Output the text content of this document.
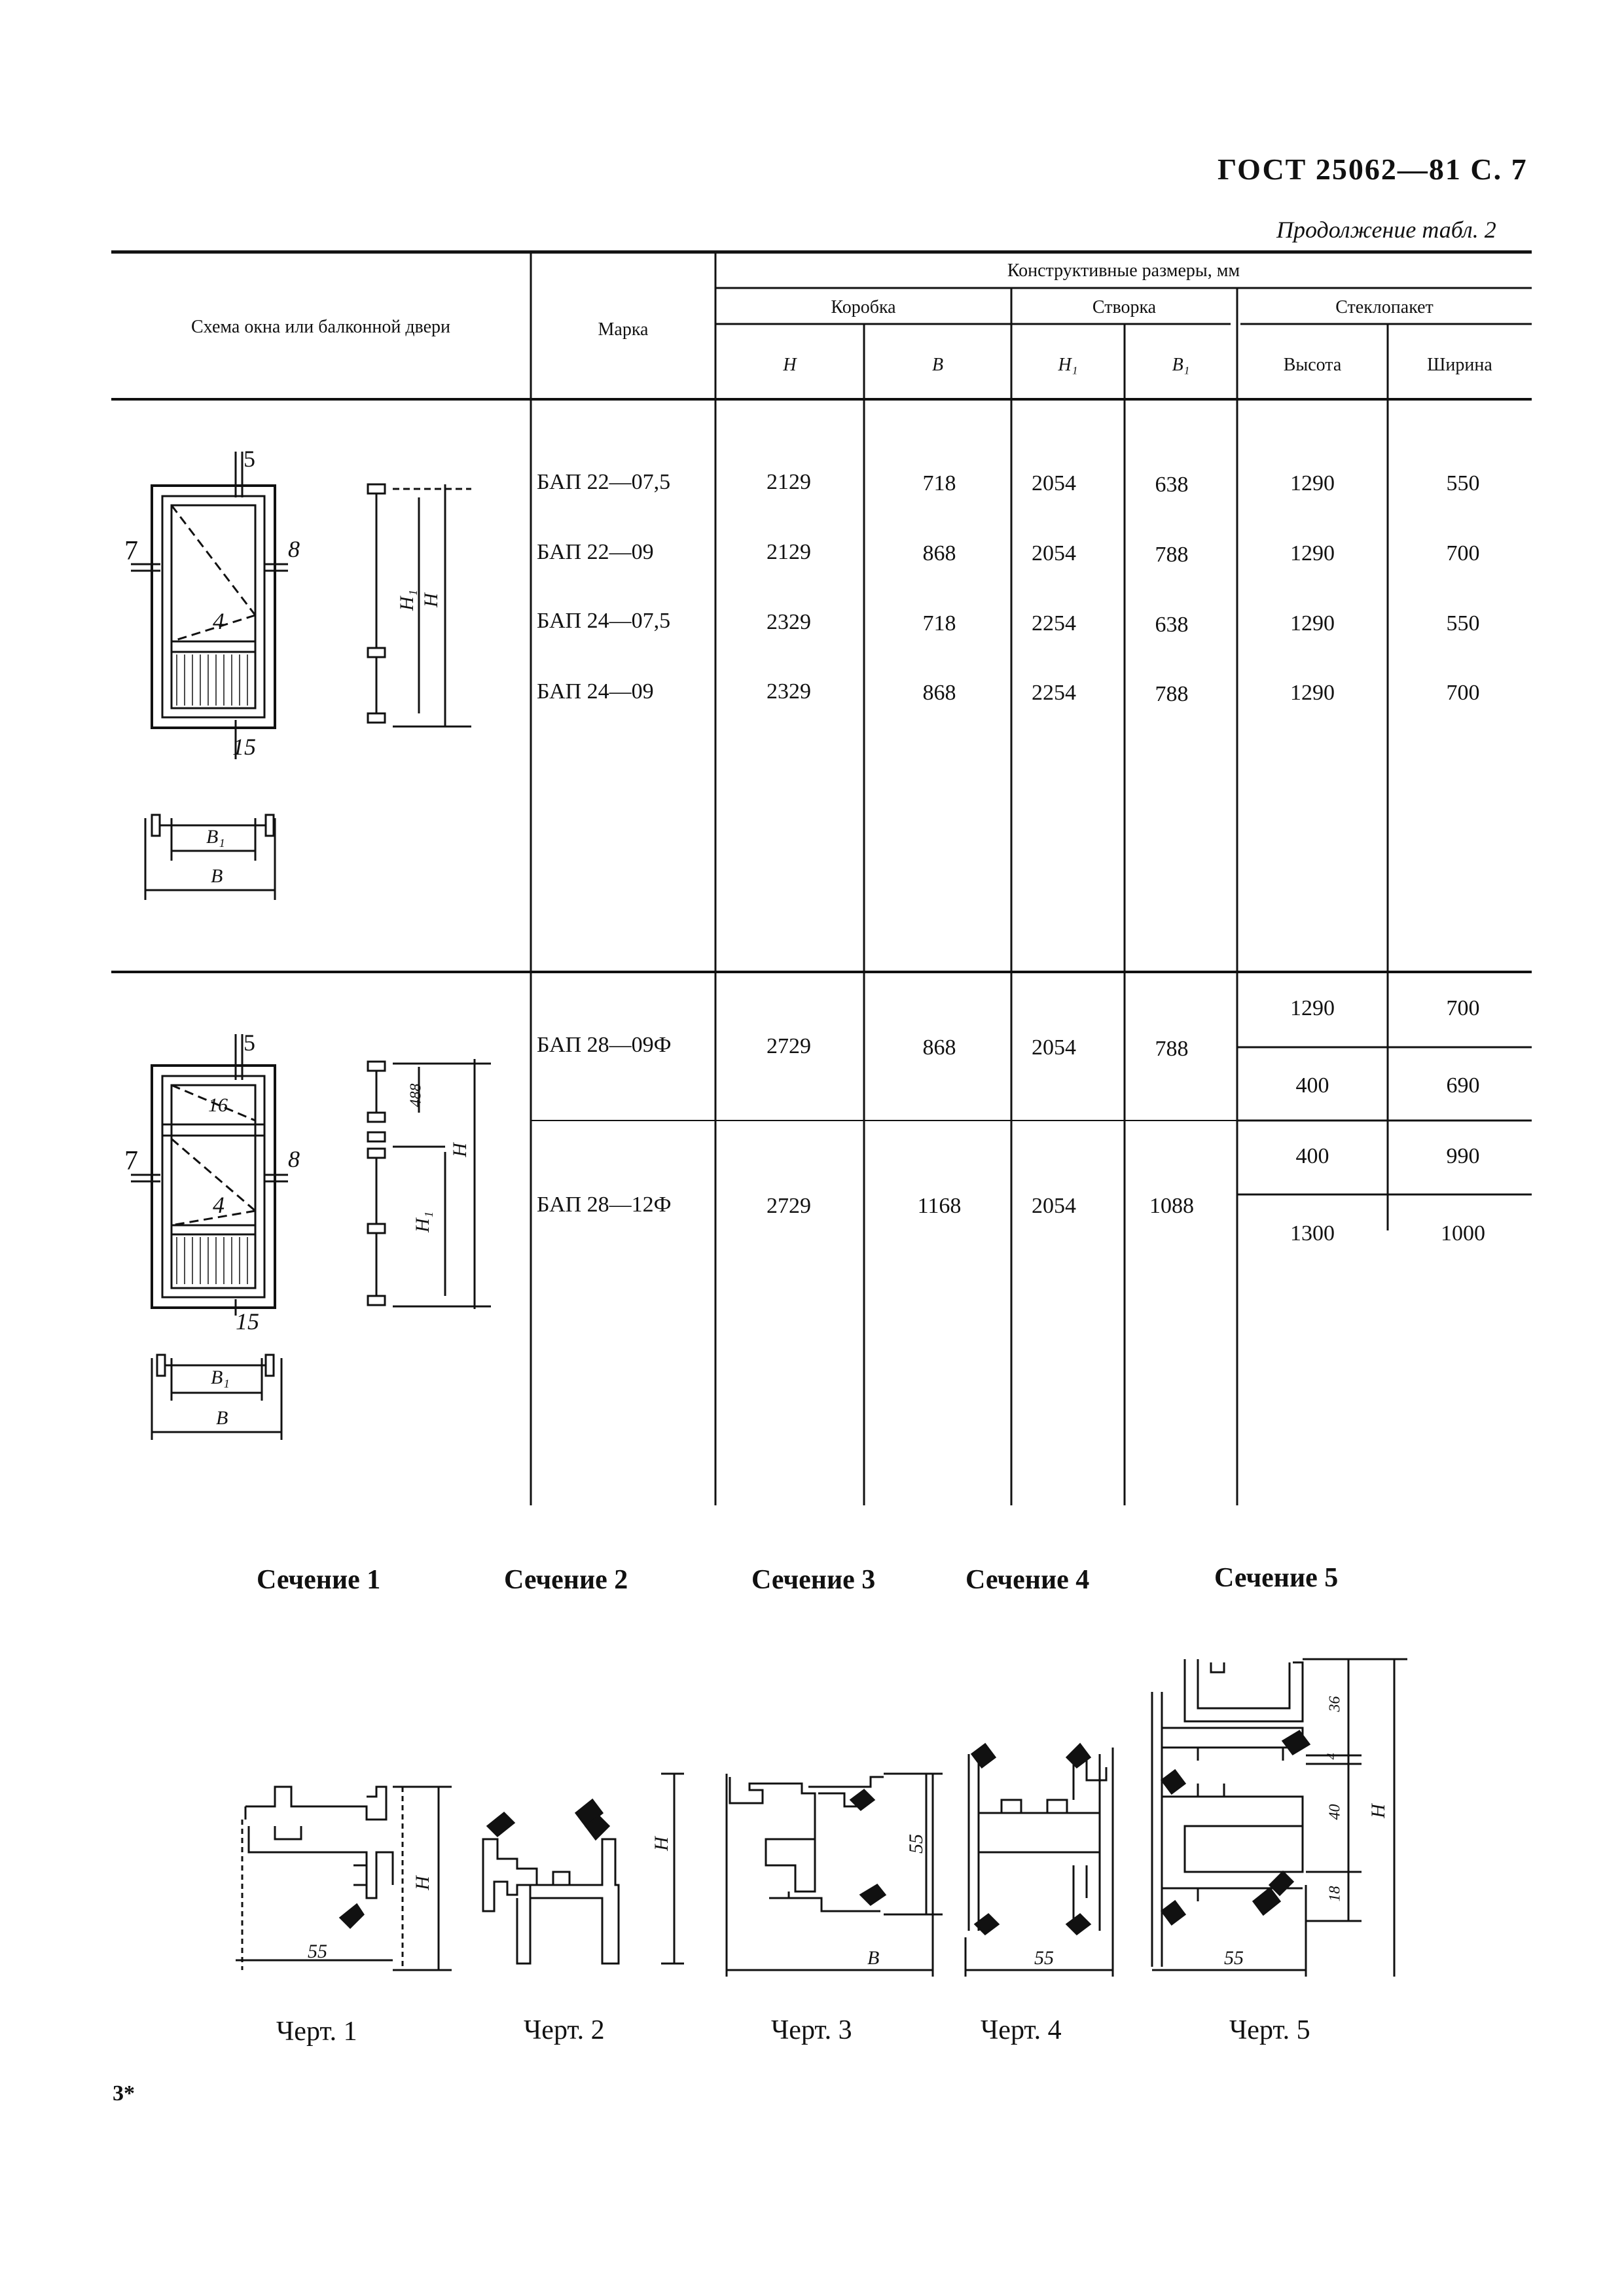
ГОСТ 25062—81 С. 7
Продолжение табл. 2
Схема окна или балконной двери	Марка
Конструктивные размеры, мм
Коробка	Створка	Стеклопакет
H	B	H₁	B₁	Высота	Ширина
БАП 22—07,5	2129	718	2054	638	1290	550
БАП 22—09	2129	868	2054	788	1290	700
БАП 24—07,5	2329	718	2254	638	1290	550
БАП 24—09	2329	868	2254	788	1290	700
БАП 28—09Ф	2729	868	2054	788
1290	700
400	690
БАП 28—12Ф	2729	1168	2054	1088
400	990
1300	1000
5
7	8
4
15
B₁
B
H₁ H
5
16
7	8
4
15
B₁
B
488
H₁
H
Сечение 1	Сечение 2	Сечение 3	Сечение 4	Сечение 5
55
H
H	55
B	55	55
36
4
40
18
H
Черт. 1	Черт. 2	Черт. 3	Черт. 4	Черт. 5
3*
